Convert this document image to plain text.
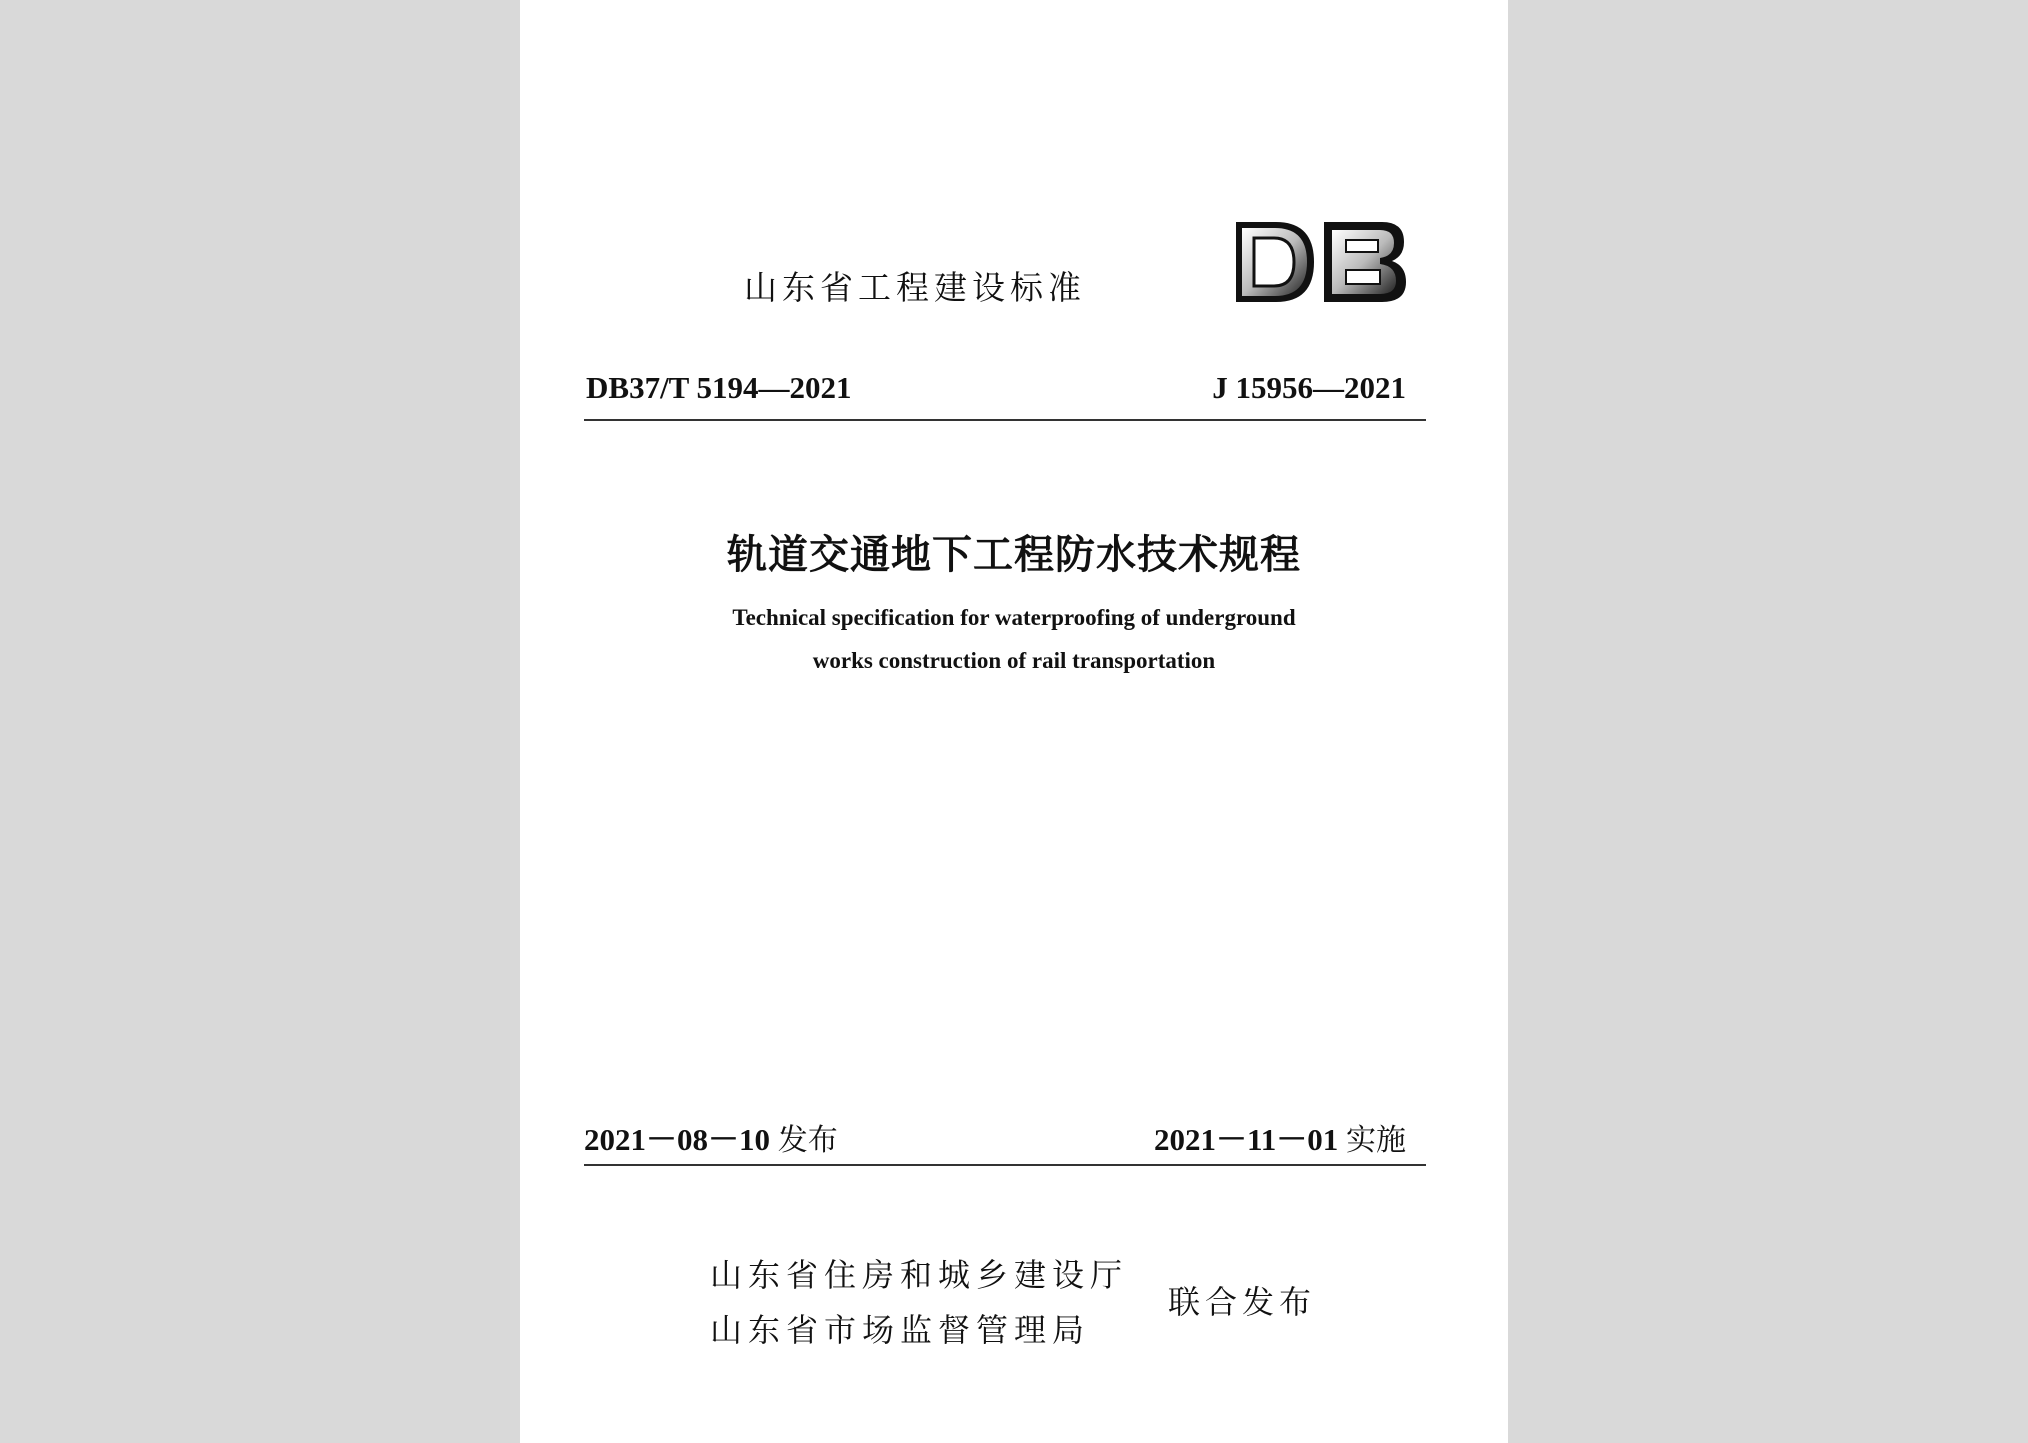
山东省工程建设标准
DB37/T 5194—2021	J 15956—2021
轨道交通地下工程防水技术规程
Technical specification for waterproofing of underground
works construction of rail transportation
2021－08－10 发布	2021－11－01 实施
山东省住房和城乡建设厅
山东省市场监督管理局
联合发布
